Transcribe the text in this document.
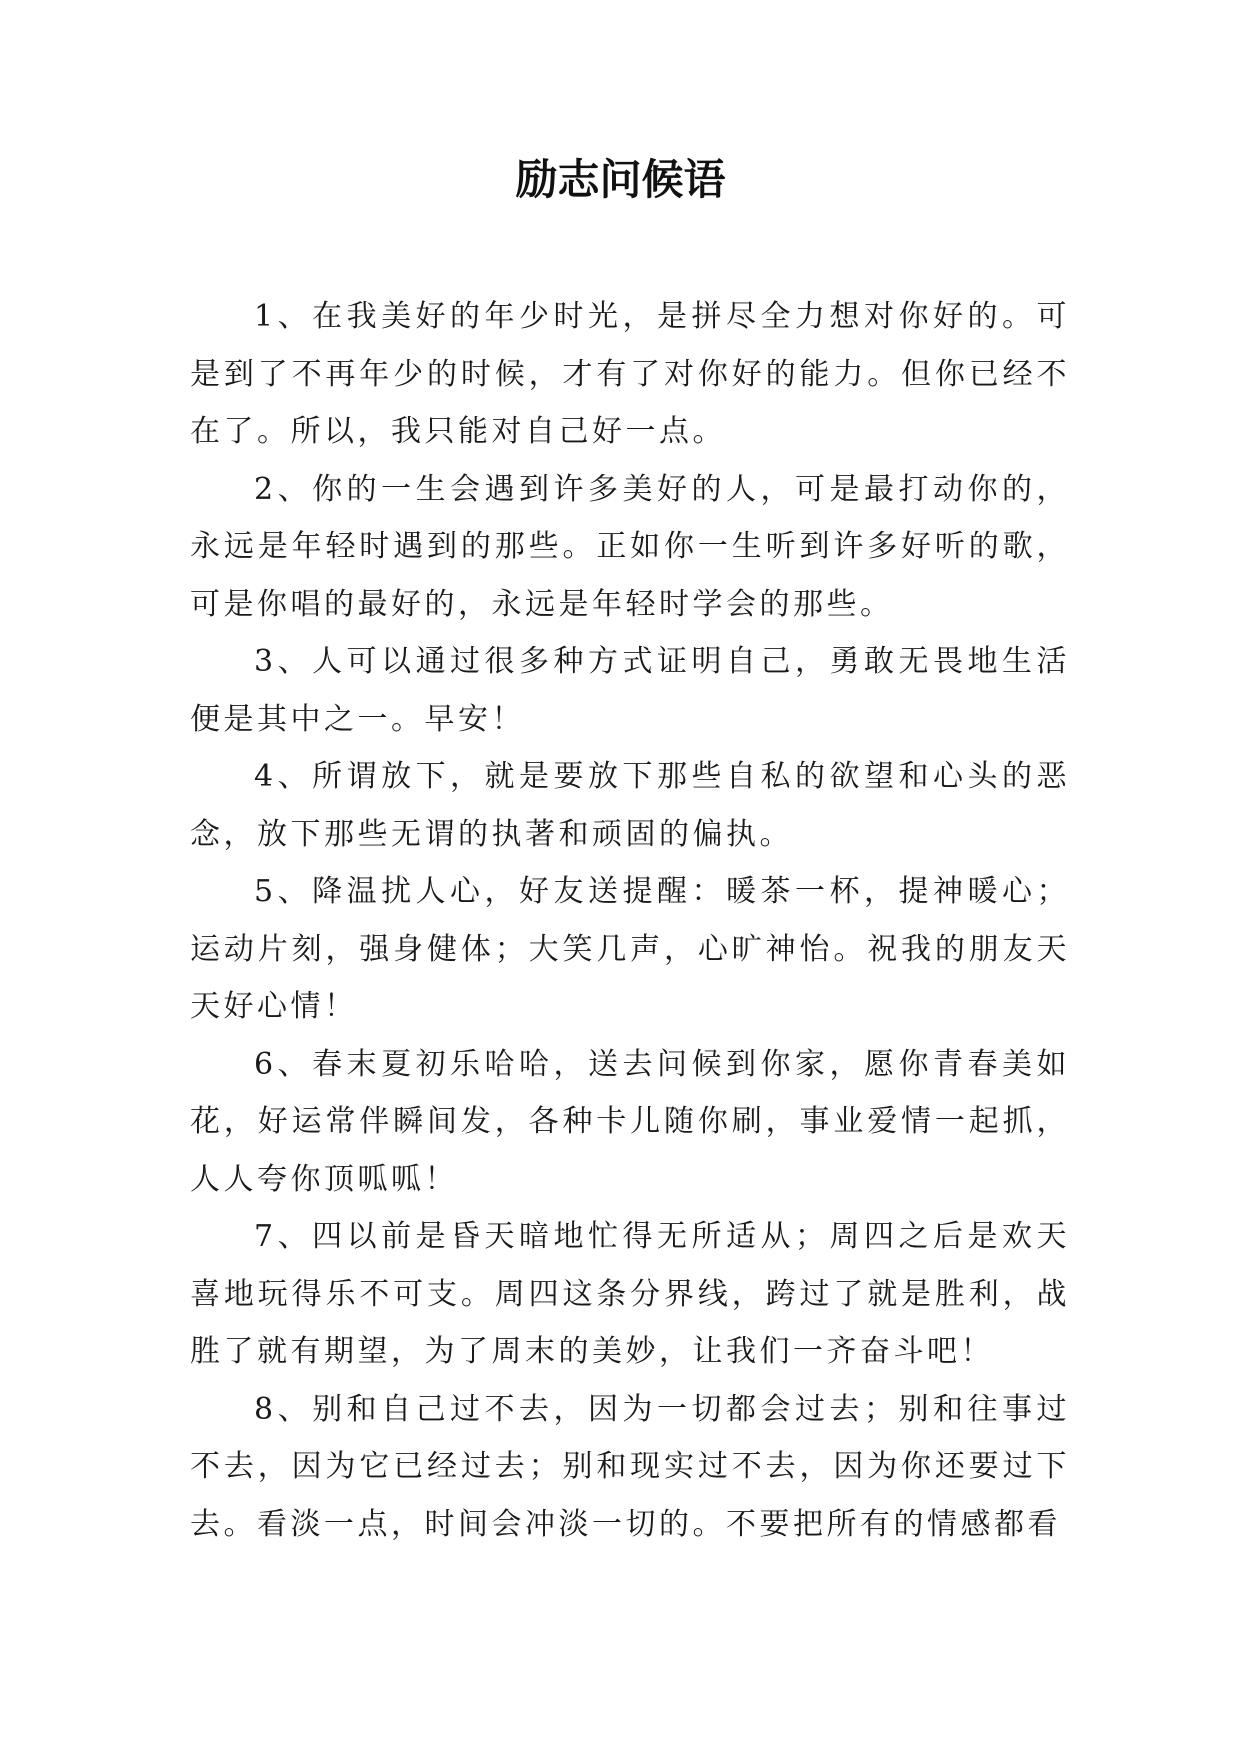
励志问候语

1、在我美好的年少时光，是拼尽全力想对你好的。可是到了不再年少的时候，才有了对你好的能力。但你已经不在了。所以，我只能对自己好一点。

2、你的一生会遇到许多美好的人，可是最打动你的，永远是年轻时遇到的那些。正如你一生听到许多好听的歌，可是你唱的最好的，永远是年轻时学会的那些。

3、人可以通过很多种方式证明自己，勇敢无畏地生活便是其中之一。早安！

4、所谓放下，就是要放下那些自私的欲望和心头的恶念，放下那些无谓的执著和顽固的偏执。

5、降温扰人心，好友送提醒：暖茶一杯，提神暖心；运动片刻，强身健体；大笑几声，心旷神怡。祝我的朋友天天好心情！

6、春末夏初乐哈哈，送去问候到你家，愿你青春美如花，好运常伴瞬间发，各种卡儿随你刷，事业爱情一起抓，人人夸你顶呱呱！

7、四以前是昏天暗地忙得无所适从；周四之后是欢天喜地玩得乐不可支。周四这条分界线，跨过了就是胜利，战胜了就有期望，为了周末的美妙，让我们一齐奋斗吧！

8、别和自己过不去，因为一切都会过去；别和往事过不去，因为它已经过去；别和现实过不去，因为你还要过下去。看淡一点，时间会冲淡一切的。不要把所有的情感都看
